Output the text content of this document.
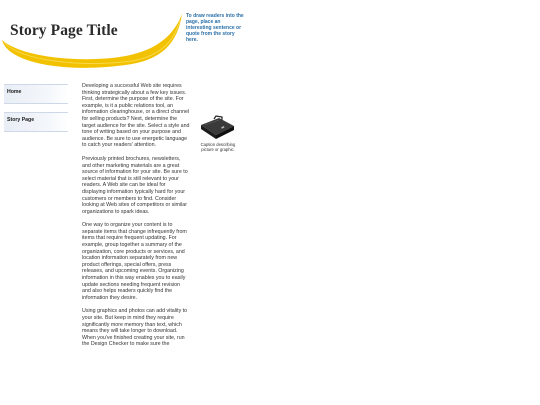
Story Page Title
To draw readers into the page, place an interesting sentence or quote from the story here.
Home
Story Page

Developing a successful Web site requires thinking strategically about a few key issues. First, determine the purpose of the site. For example, is it a public relations tool, an information clearinghouse, or a direct channel for selling products? Next, determine the target audience for the site. Select a style and tone of writing based on your purpose and audience. Be sure to use energetic language to catch your readers' attention.

Previously printed brochures, newsletters, and other marketing materials are a great source of information for your site. Be sure to select material that is still relevant to your readers. A Web site can be ideal for displaying information typically hard for your customers or members to find. Consider looking at Web sites of competitors or similar organizations to spark ideas.

One way to organize your content is to separate items that change infrequently from items that require frequent updating. For example, group together a summary of the organization, core products or services, and location information separately from new product offerings, special offers, press releases, and upcoming events. Organizing information in this way enables you to easily update sections needing frequent revision and also helps readers quickly find the information they desire.

Using graphics and photos can add vitality to your site. But keep in mind they require significantly more memory than text, which means they will take longer to download. When you've finished creating your site, run the Design Checker to make sure the

Caption describing picture or graphic.
